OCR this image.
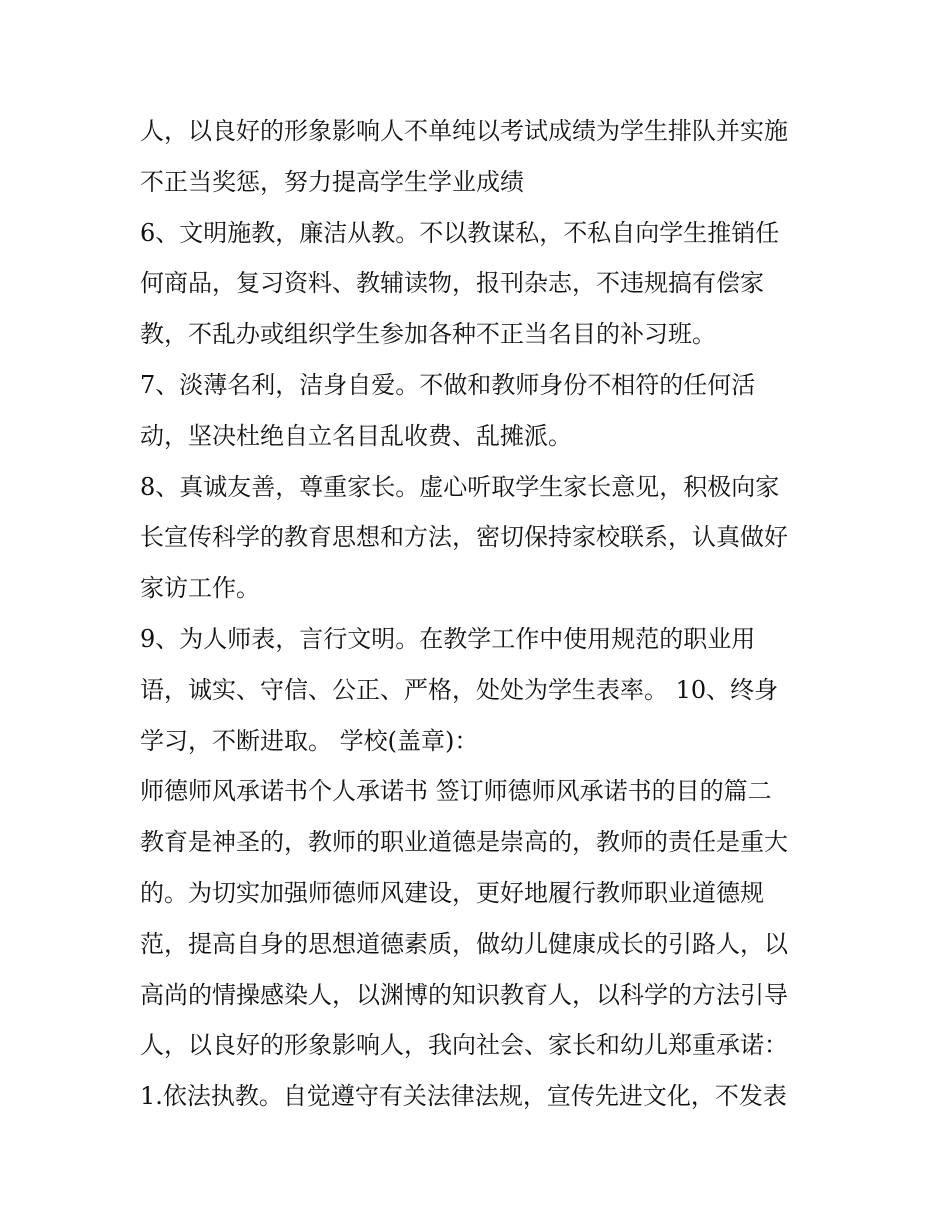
人，以良好的形象影响人不单纯以考试成绩为学生排队并实施
不正当奖惩，努力提高学生学业成绩
6、文明施教，廉洁从教。不以教谋私，不私自向学生推销任
何商品，复习资料、教辅读物，报刊杂志，不违规搞有偿家
教，不乱办或组织学生参加各种不正当名目的补习班。
7、淡薄名利，洁身自爱。不做和教师身份不相符的任何活
动，坚决杜绝自立名目乱收费、乱摊派。
8、真诚友善，尊重家长。虚心听取学生家长意见，积极向家
长宣传科学的教育思想和方法，密切保持家校联系，认真做好
家访工作。
9、为人师表，言行文明。在教学工作中使用规范的职业用
语，诚实、守信、公正、严格，处处为学生表率。 10、终身
学习，不断进取。 学校(盖章)：
师德师风承诺书个人承诺书 签订师德师风承诺书的目的篇二
教育是神圣的，教师的职业道德是崇高的，教师的责任是重大
的。为切实加强师德师风建设，更好地履行教师职业道德规
范，提高自身的思想道德素质，做幼儿健康成长的引路人，以
高尚的情操感染人，以渊博的知识教育人，以科学的方法引导
人，以良好的形象影响人，我向社会、家长和幼儿郑重承诺：
1.依法执教。自觉遵守有关法律法规，宣传先进文化，不发表
